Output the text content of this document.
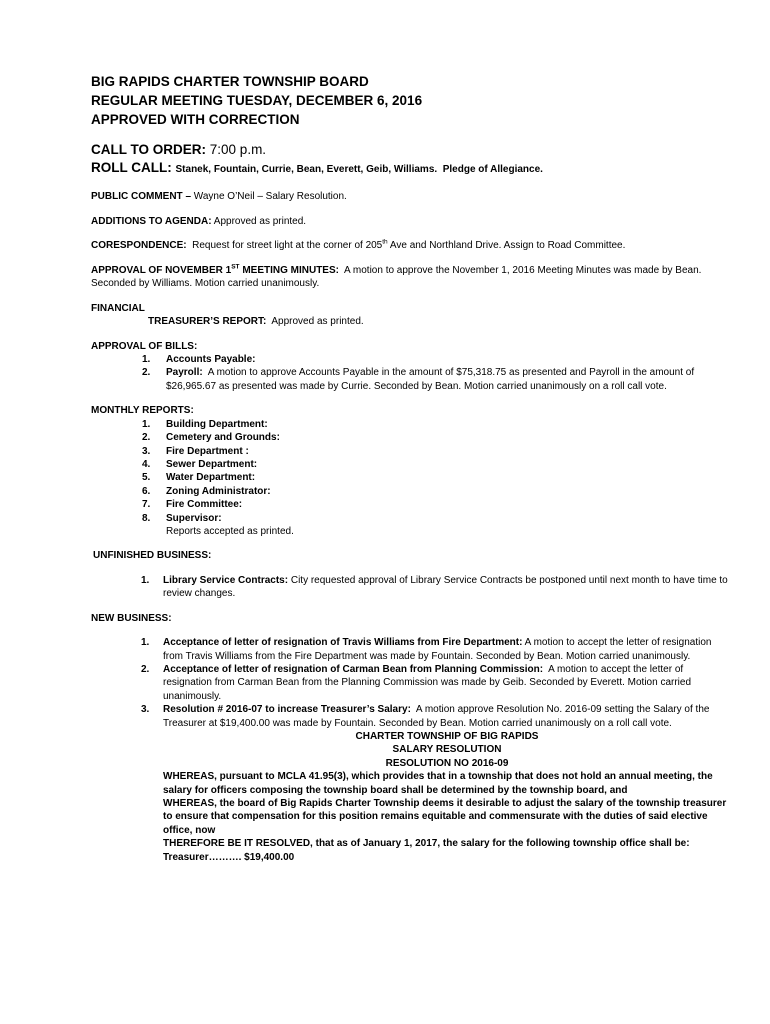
BIG RAPIDS CHARTER TOWNSHIP BOARD
REGULAR MEETING TUESDAY, DECEMBER 6, 2016
APPROVED WITH CORRECTION
CALL TO ORDER: 7:00 p.m.
ROLL CALL: Stanek, Fountain, Currie, Bean, Everett, Geib, Williams.  Pledge of Allegiance.
PUBLIC COMMENT – Wayne O’Neil – Salary Resolution.
ADDITIONS TO AGENDA: Approved as printed.
CORESPONDENCE: Request for street light at the corner of 205th Ave and Northland Drive. Assign to Road Committee.
APPROVAL OF NOVEMBER 1ST MEETING MINUTES: A motion to approve the November 1, 2016 Meeting Minutes was made by Bean. Seconded by Williams. Motion carried unanimously.
FINANCIAL
TREASURER’S REPORT: Approved as printed.
APPROVAL OF BILLS:
1. Accounts Payable:
2. Payroll: A motion to approve Accounts Payable in the amount of $75,318.75 as presented and Payroll in the amount of $26,965.67 as presented was made by Currie. Seconded by Bean. Motion carried unanimously on a roll call vote.
MONTHLY REPORTS:
1. Building Department:
2. Cemetery and Grounds:
3. Fire Department :
4. Sewer Department:
5. Water Department:
6. Zoning Administrator:
7. Fire Committee:
8. Supervisor:
Reports accepted as printed.
UNFINISHED BUSINESS:
1. Library Service Contracts: City requested approval of Library Service Contracts be postponed until next month to have time to review changes.
NEW BUSINESS:
1. Acceptance of letter of resignation of Travis Williams from Fire Department: A motion to accept the letter of resignation from Travis Williams from the Fire Department was made by Fountain. Seconded by Bean. Motion carried unanimously.
2. Acceptance of letter of resignation of Carman Bean from Planning Commission: A motion to accept the letter of resignation from Carman Bean from the Planning Commission was made by Geib. Seconded by Everett. Motion carried unanimously.
3. Resolution # 2016-07 to increase Treasurer’s Salary: A motion approve Resolution No. 2016-09 setting the Salary of the Treasurer at $19,400.00 was made by Fountain. Seconded by Bean. Motion carried unanimously on a roll call vote.
CHARTER TOWNSHIP OF BIG RAPIDS
SALARY RESOLUTION
RESOLUTION NO 2016-09
WHEREAS, pursuant to MCLA 41.95(3), which provides that in a township that does not hold an annual meeting, the salary for officers composing the township board shall be determined by the township board, and
WHEREAS, the board of Big Rapids Charter Township deems it desirable to adjust the salary of the township treasurer to ensure that compensation for this position remains equitable and commensurate with the duties of said elective office, now
THEREFORE BE IT RESOLVED, that as of January 1, 2017, the salary for the following township office shall be:
Treasurer………. $19,400.00
